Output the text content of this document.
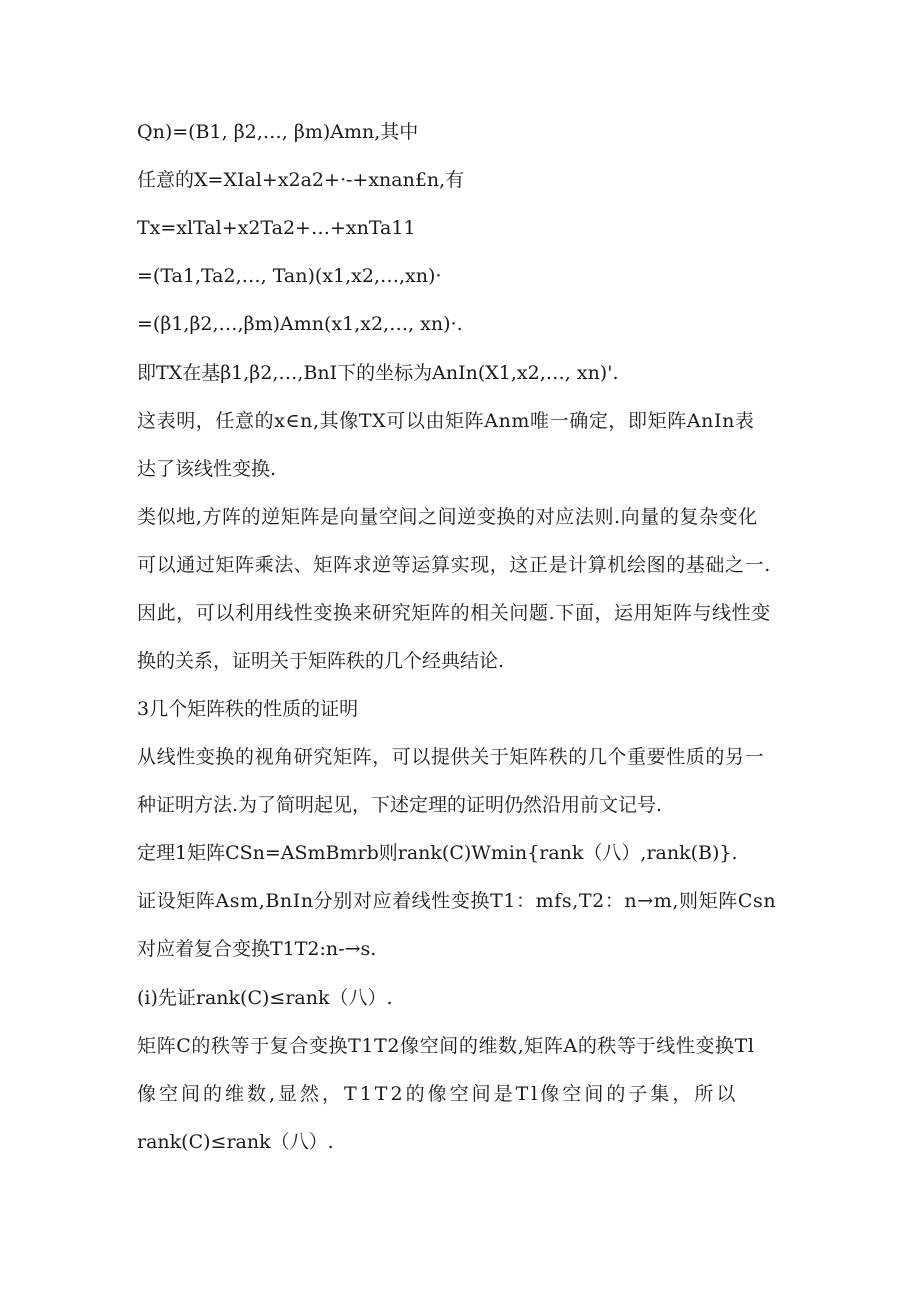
Qn)=(B1, β2,…, βm)Amn,其中
任意的X=XIal+x2a2+·-+xnan£n,有
Tx=xlTal+x2Ta2+…+xnTa11
=(Ta1,Ta2,…, Tan)(x1,x2,…,xn)·
=(β1,β2,…,βm)Amn(x1,x2,…, xn)·.
即TX在基β1,β2,…,BnI下的坐标为AnIn(X1,x2,…, xn)'.
这表明，任意的x∈n,其像TX可以由矩阵Anm唯一确定，即矩阵AnIn表
达了该线性变换.
类似地,方阵的逆矩阵是向量空间之间逆变换的对应法则.向量的复杂变化
可以通过矩阵乘法、矩阵求逆等运算实现，这正是计算机绘图的基础之一.
因此，可以利用线性变换来研究矩阵的相关问题.下面，运用矩阵与线性变
换的关系，证明关于矩阵秩的几个经典结论.
3几个矩阵秩的性质的证明
从线性变换的视角研究矩阵，可以提供关于矩阵秩的几个重要性质的另一
种证明方法.为了简明起见，下述定理的证明仍然沿用前文记号.
定理1矩阵CSn=ASmBmrb则rank(C)Wmin{rank（八）,rank(B)}.
证设矩阵Asm,BnIn分别对应着线性变换T1：mfs,T2：n→m,则矩阵Csn
对应着复合变换T1T2:n-→s.
(i)先证rank(C)≤rank（八）.
矩阵C的秩等于复合变换T1T2像空间的维数,矩阵A的秩等于线性变换Tl
像空间的维数,显然，T1T2的像空间是Tl像空间的子集，所以
rank(C)≤rank（八）.
